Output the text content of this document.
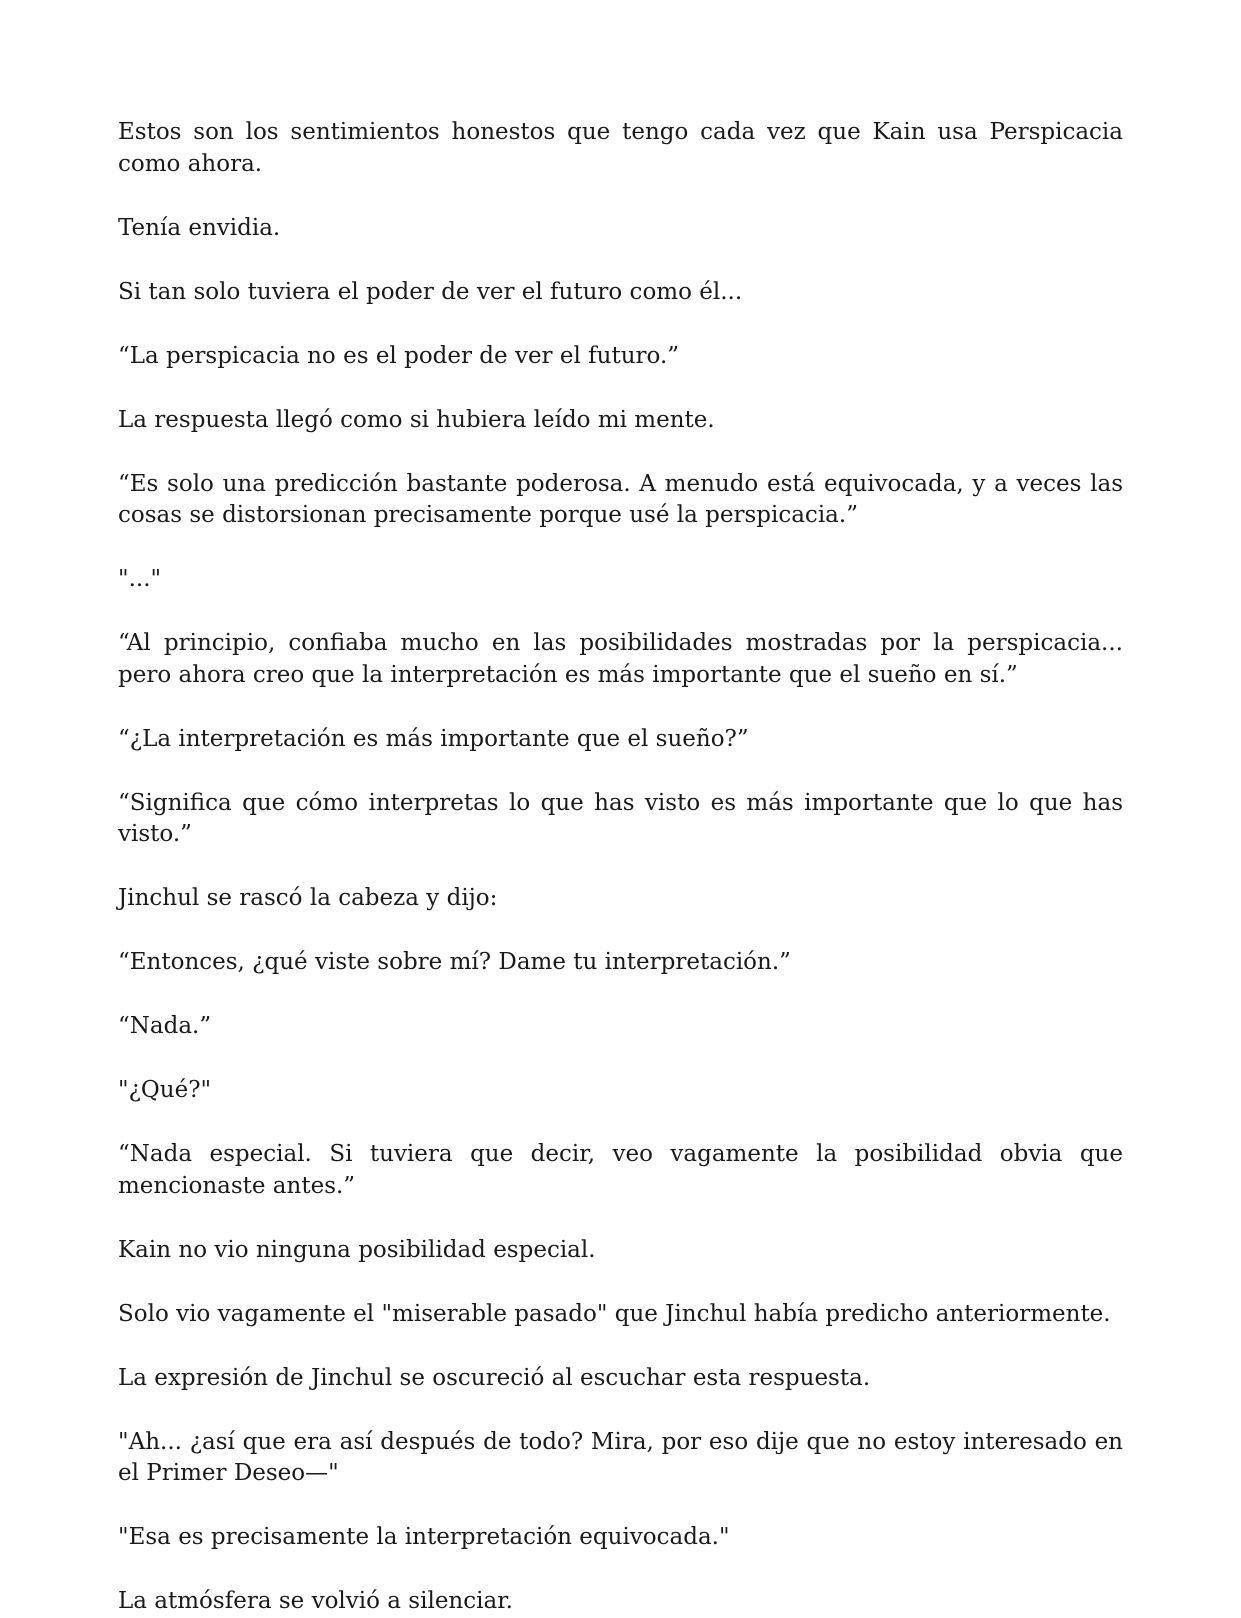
Estos son los sentimientos honestos que tengo cada vez que Kain usa Perspicacia como ahora.

Tenía envidia.

Si tan solo tuviera el poder de ver el futuro como él...

“La perspicacia no es el poder de ver el futuro.”

La respuesta llegó como si hubiera leído mi mente.

“Es solo una predicción bastante poderosa. A menudo está equivocada, y a veces las cosas se distorsionan precisamente porque usé la perspicacia.”

"..."

“Al principio, confiaba mucho en las posibilidades mostradas por la perspicacia... pero ahora creo que la interpretación es más importante que el sueño en sí.”

“¿La interpretación es más importante que el sueño?”

“Significa que cómo interpretas lo que has visto es más importante que lo que has visto.”

Jinchul se rascó la cabeza y dijo:

“Entonces, ¿qué viste sobre mí? Dame tu interpretación.”

“Nada.”

"¿Qué?"

“Nada especial. Si tuviera que decir, veo vagamente la posibilidad obvia que mencionaste antes.”

Kain no vio ninguna posibilidad especial.

Solo vio vagamente el "miserable pasado" que Jinchul había predicho anteriormente.

La expresión de Jinchul se oscureció al escuchar esta respuesta.

"Ah... ¿así que era así después de todo? Mira, por eso dije que no estoy interesado en el Primer Deseo—"

"Esa es precisamente la interpretación equivocada."

La atmósfera se volvió a silenciar.
